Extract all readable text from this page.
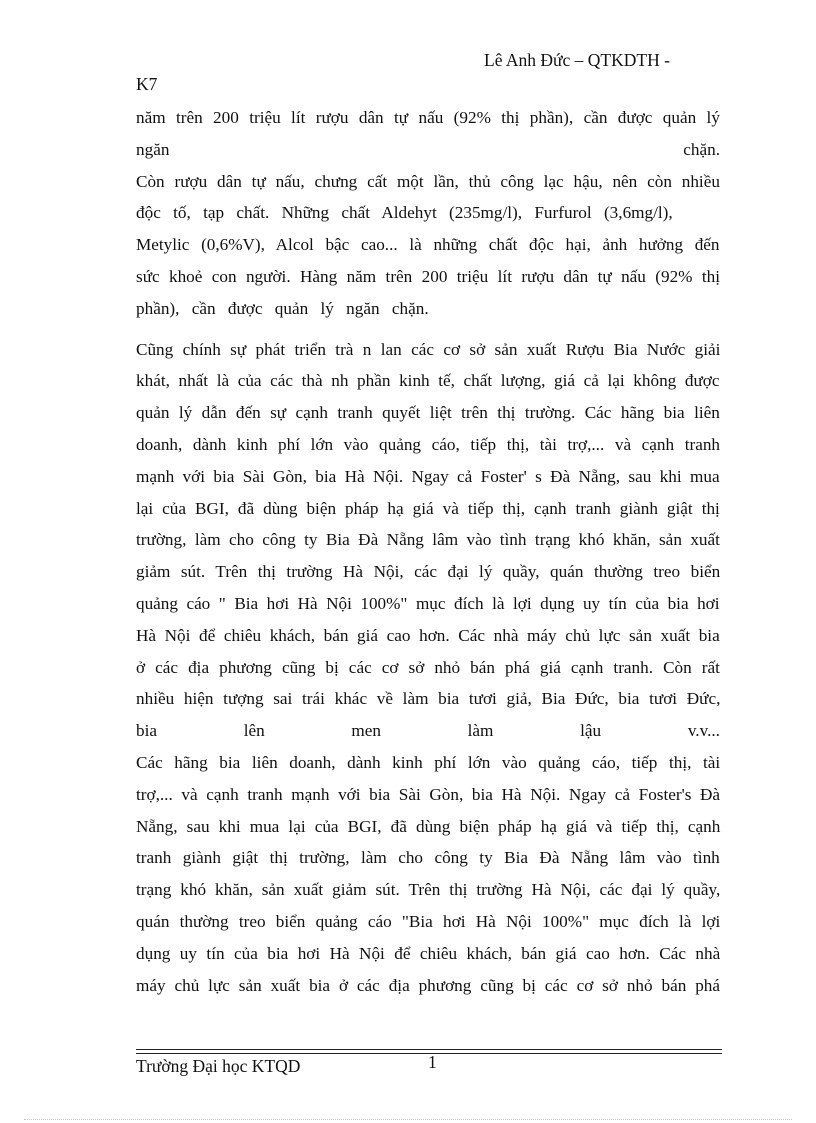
Lê Anh Đức – QTKDTH -
K7

năm trên 200 triệu lít rượu dân tự nấu (92% thị phần), cần được quản lý
ngăn	chặn.
Còn rượu dân tự nấu, chưng cất một lần, thủ công lạc hậu, nên còn nhiều
độc tố, tạp chất. Những chất Aldehyt (235mg/l), Furfurol (3,6mg/l),
Metylic (0,6%V), Alcol bậc cao... là những chất độc hại, ảnh hưởng đến
sức khoẻ con người. Hàng năm trên 200 triệu lít rượu dân tự nấu (92% thị
phần), cần được quản lý ngăn chặn.

Cũng chính sự phát triển trà n lan các cơ sở sản xuất Rượu Bia Nước giải
khát, nhất là của các thà nh phần kinh tế, chất lượng, giá cả lại không được
quản lý dẫn đến sự cạnh tranh quyết liệt trên thị trường. Các hãng bia liên
doanh, dành kinh phí lớn vào quảng cáo, tiếp thị, tài trợ,... và cạnh tranh
mạnh với bia Sài Gòn, bia Hà Nội. Ngay cả Foster' s Đà Nẵng, sau khi mua
lại của BGI, đã dùng biện pháp hạ giá và tiếp thị, cạnh tranh giành giật thị
trường, làm cho công ty Bia Đà Nẵng lâm vào tình trạng khó khăn, sản xuất
giảm sút. Trên thị trường Hà Nội, các đại lý quầy, quán thường treo biển
quảng cáo " Bia hơi Hà Nội 100%" mục đích là lợi dụng uy tín của bia hơi
Hà Nội để chiêu khách, bán giá cao hơn. Các nhà máy chủ lực sản xuất bia
ở các địa phương cũng bị các cơ sở nhỏ bán phá giá cạnh tranh. Còn rất
nhiều hiện tượng sai trái khác về làm bia tươi giả, Bia Đức, bia tươi Đức,
bia	lên	men	làm	lậu	v.v...
Các hãng bia liên doanh, dành kinh phí lớn vào quảng cáo, tiếp thị, tài
trợ,... và cạnh tranh mạnh với bia Sài Gòn, bia Hà Nội. Ngay cả Foster's Đà
Nẵng, sau khi mua lại của BGI, đã dùng biện pháp hạ giá và tiếp thị, cạnh
tranh giành giật thị trường, làm cho công ty Bia Đà Nẵng lâm vào tình
trạng khó khăn, sản xuất giảm sút. Trên thị trường Hà Nội, các đại lý quầy,
quán thường treo biển quảng cáo "Bia hơi Hà Nội 100%" mục đích là lợi
dụng uy tín của bia hơi Hà Nội để chiêu khách, bán giá cao hơn. Các nhà
máy chủ lực sản xuất bia ở các địa phương cũng bị các cơ sở nhỏ bán phá

Trường Đại học KTQD	1
